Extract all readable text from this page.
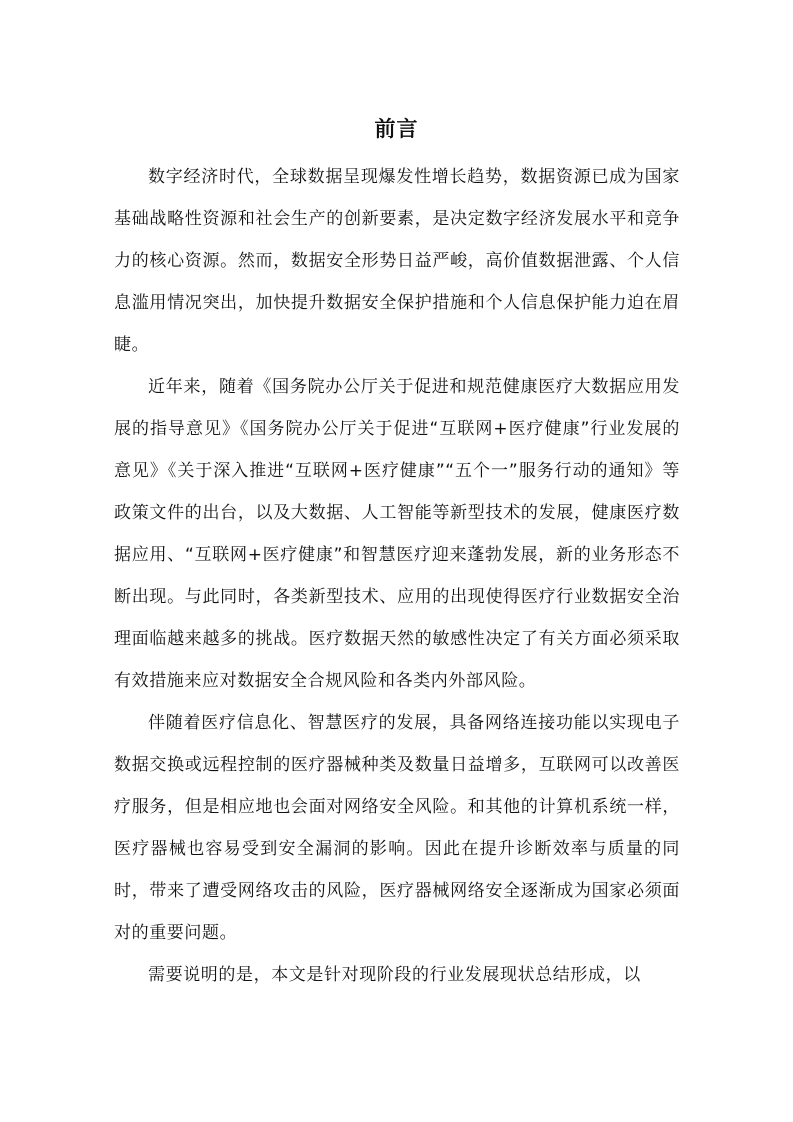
前言

数字经济时代，全球数据呈现爆发性增长趋势，数据资源已成为国家基础战略性资源和社会生产的创新要素，是决定数字经济发展水平和竞争力的核心资源。然而，数据安全形势日益严峻，高价值数据泄露、个人信息滥用情况突出，加快提升数据安全保护措施和个人信息保护能力迫在眉睫。

近年来，随着《国务院办公厅关于促进和规范健康医疗大数据应用发展的指导意见》《国务院办公厅关于促进“互联网+医疗健康”行业发展的意见》《关于深入推进“互联网+医疗健康”“五个一”服务行动的通知》等政策文件的出台，以及大数据、人工智能等新型技术的发展，健康医疗数据应用、“互联网+医疗健康”和智慧医疗迎来蓬勃发展，新的业务形态不断出现。与此同时，各类新型技术、应用的出现使得医疗行业数据安全治理面临越来越多的挑战。医疗数据天然的敏感性决定了有关方面必须采取有效措施来应对数据安全合规风险和各类内外部风险。

伴随着医疗信息化、智慧医疗的发展，具备网络连接功能以实现电子数据交换或远程控制的医疗器械种类及数量日益增多，互联网可以改善医疗服务，但是相应地也会面对网络安全风险。和其他的计算机系统一样，医疗器械也容易受到安全漏洞的影响。因此在提升诊断效率与质量的同时，带来了遭受网络攻击的风险，医疗器械网络安全逐渐成为国家必须面对的重要问题。

需要说明的是，本文是针对现阶段的行业发展现状总结形成，以
